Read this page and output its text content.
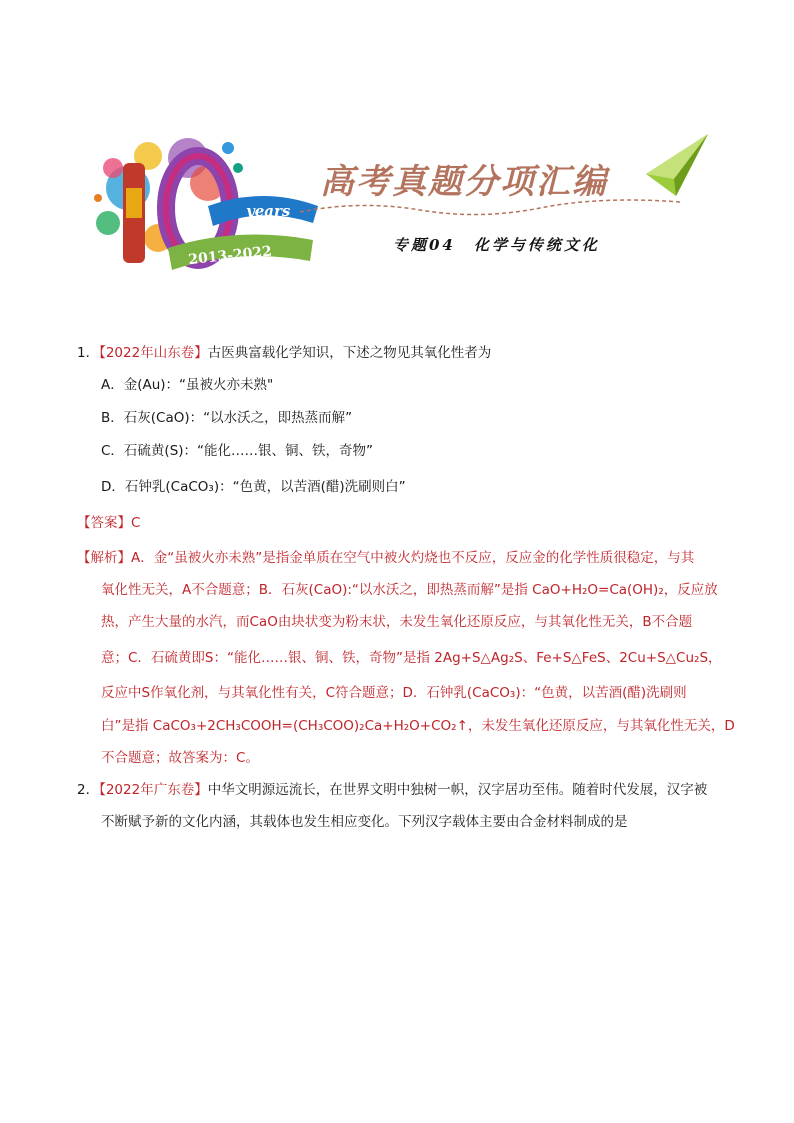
years
2013-2022
高考真题分项汇编
专题04　化学与传统文化
1．【2022年山东卷】古医典富载化学知识，下述之物见其氧化性者为
A．金(Au)：“虽被火亦未熟"
B．石灰(CaO)：“以水沃之，即热蒸而解”
C．石硫黄(S)：“能化……银、铜、铁，奇物”
D．石钟乳(CaCO₃)：“色黄，以苦酒(醋)洗刷则白”
【答案】C
【解析】A．金“虽被火亦未熟”是指金单质在空气中被火灼烧也不反应，反应金的化学性质很稳定，与其
氧化性无关，A不合题意；B．石灰(CaO):“以水沃之，即热蒸而解”是指 CaO+H₂O=Ca(OH)₂，反应放
热，产生大量的水汽，而CaO由块状变为粉末状，未发生氧化还原反应，与其氧化性无关，B不合题
意；C．石硫黄即S：“能化……银、铜、铁，奇物”是指 2Ag+S△Ag₂S、Fe+S△FeS、2Cu+S△Cu₂S，
反应中S作氧化剂，与其氧化性有关，C符合题意；D．石钟乳(CaCO₃)：“色黄，以苦酒(醋)洗刷则
白”是指 CaCO₃+2CH₃COOH=(CH₃COO)₂Ca+H₂O+CO₂↑，未发生氧化还原反应，与其氧化性无关，D
不合题意；故答案为：C。
2．【2022年广东卷】中华文明源远流长，在世界文明中独树一帜，汉字居功至伟。随着时代发展，汉字被
不断赋予新的文化内涵，其载体也发生相应变化。下列汉字载体主要由合金材料制成的是
